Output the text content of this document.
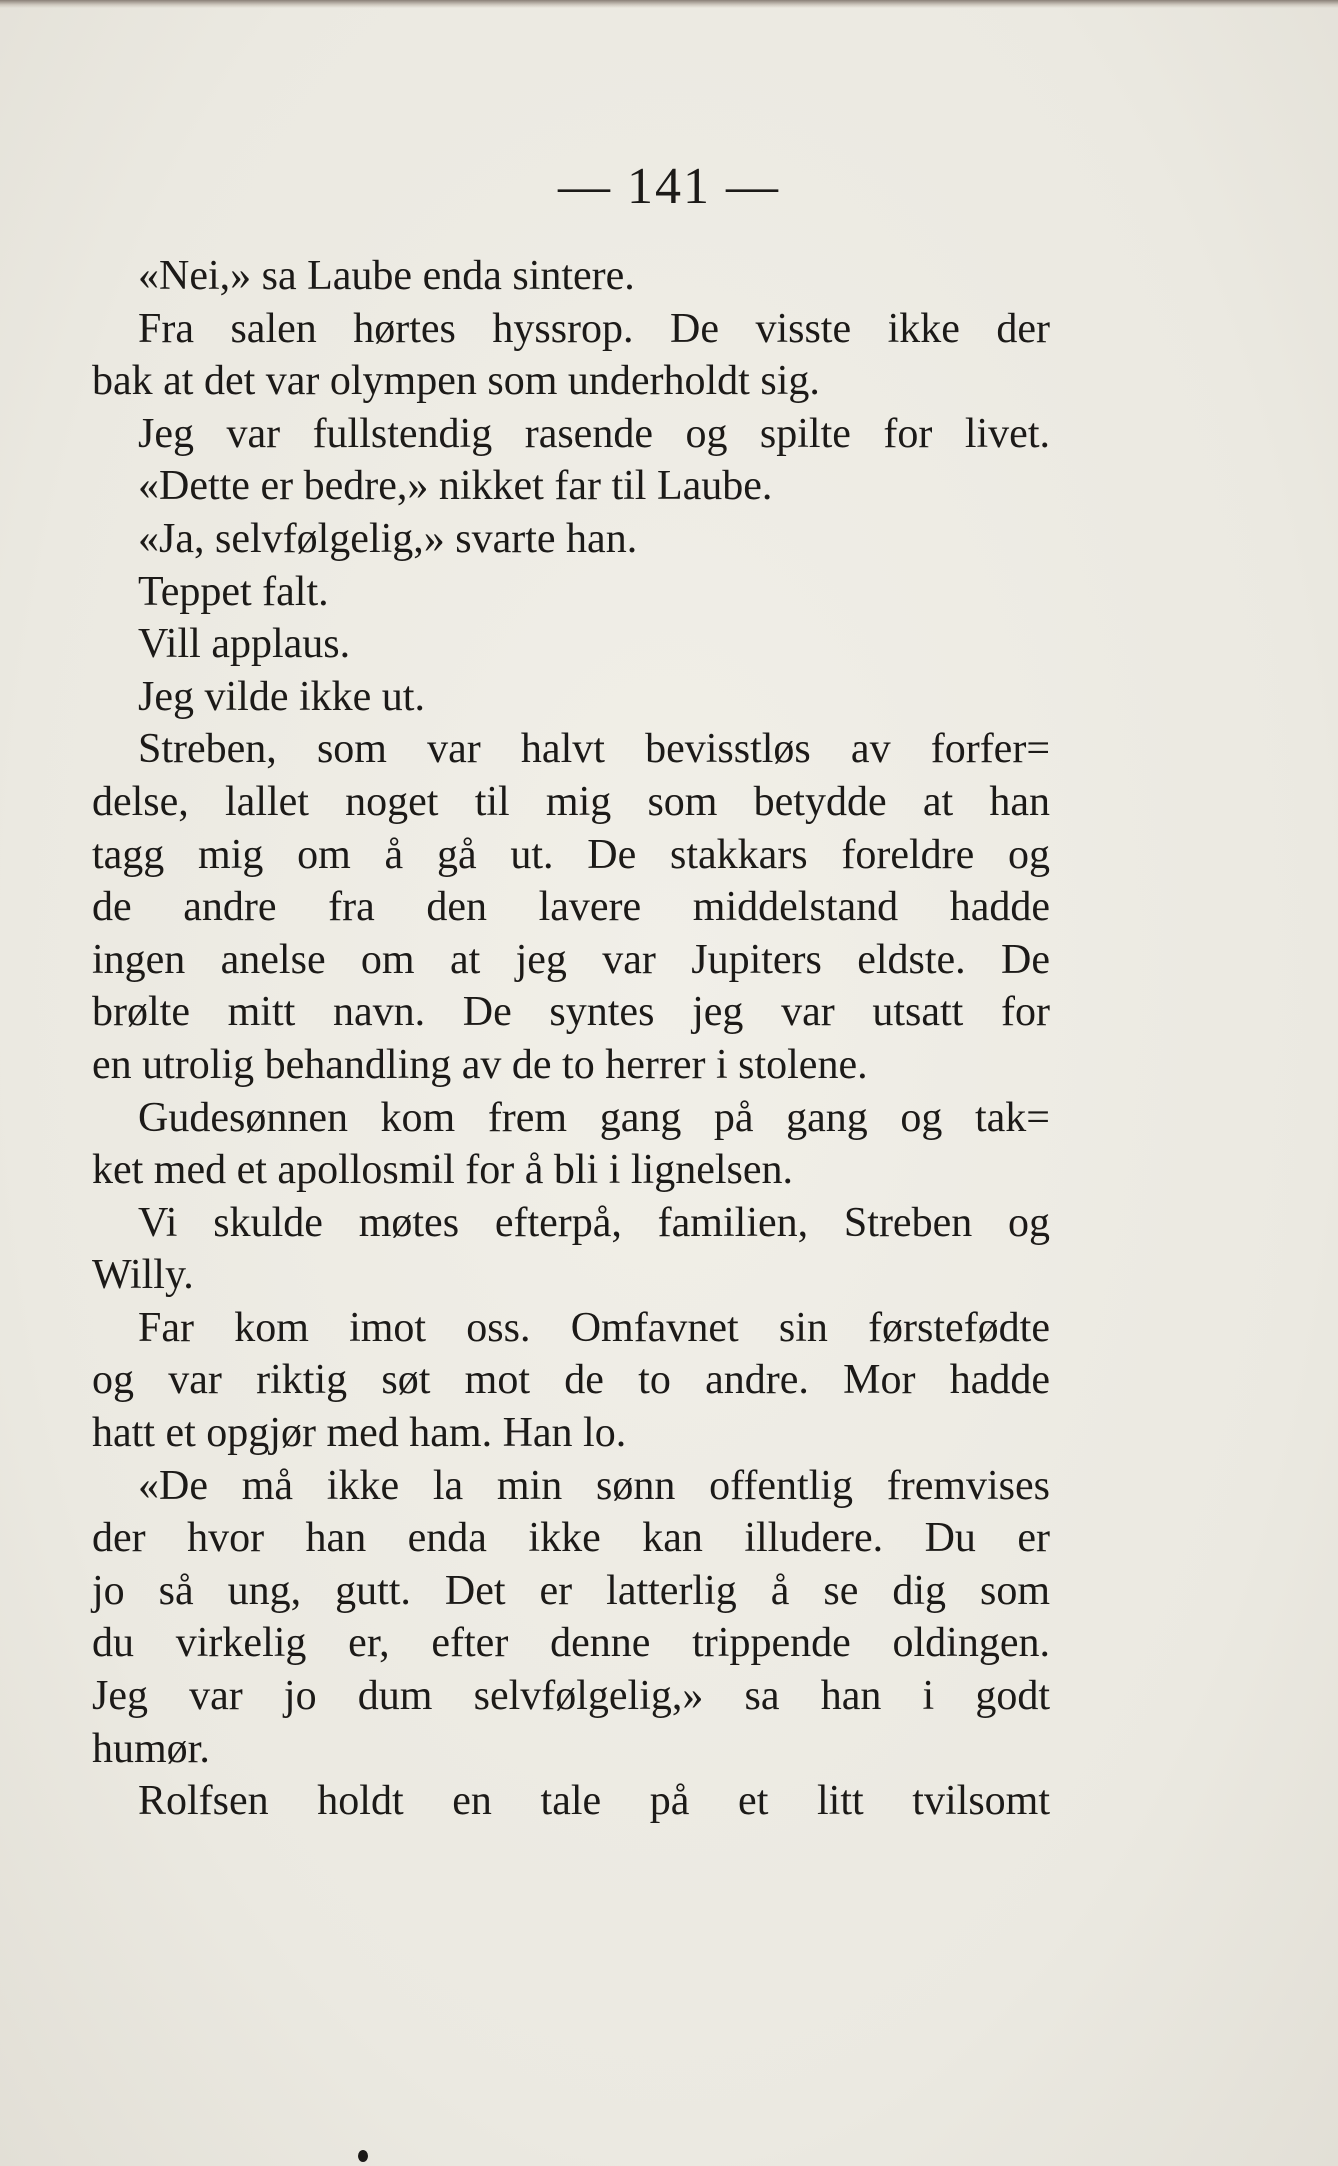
— 141 —
«Nei,» sa Laube enda sintere.
Fra salen hørtes hyssrop. De visste ikke der
bak at det var olympen som underholdt sig.
Jeg var fullstendig rasende og spilte for livet.
«Dette er bedre,» nikket far til Laube.
«Ja, selvfølgelig,» svarte han.
Teppet falt.
Vill applaus.
Jeg vilde ikke ut.
Streben, som var halvt bevisstløs av forfer=
delse, lallet noget til mig som betydde at han
tagg mig om å gå ut. De stakkars foreldre og
de andre fra den lavere middelstand hadde
ingen anelse om at jeg var Jupiters eldste. De
brølte mitt navn. De syntes jeg var utsatt for
en utrolig behandling av de to herrer i stolene.
Gudesønnen kom frem gang på gang og tak=
ket med et apollosmil for å bli i lignelsen.
Vi skulde møtes efterpå, familien, Streben og
Willy.
Far kom imot oss. Omfavnet sin førstefødte
og var riktig søt mot de to andre. Mor hadde
hatt et opgjør med ham. Han lo.
«De må ikke la min sønn offentlig fremvises
der hvor han enda ikke kan illudere. Du er
jo så ung, gutt. Det er latterlig å se dig som
du virkelig er, efter denne trippende oldingen.
Jeg var jo dum selvfølgelig,» sa han i godt
humør.
Rolfsen holdt en tale på et litt tvilsomt
